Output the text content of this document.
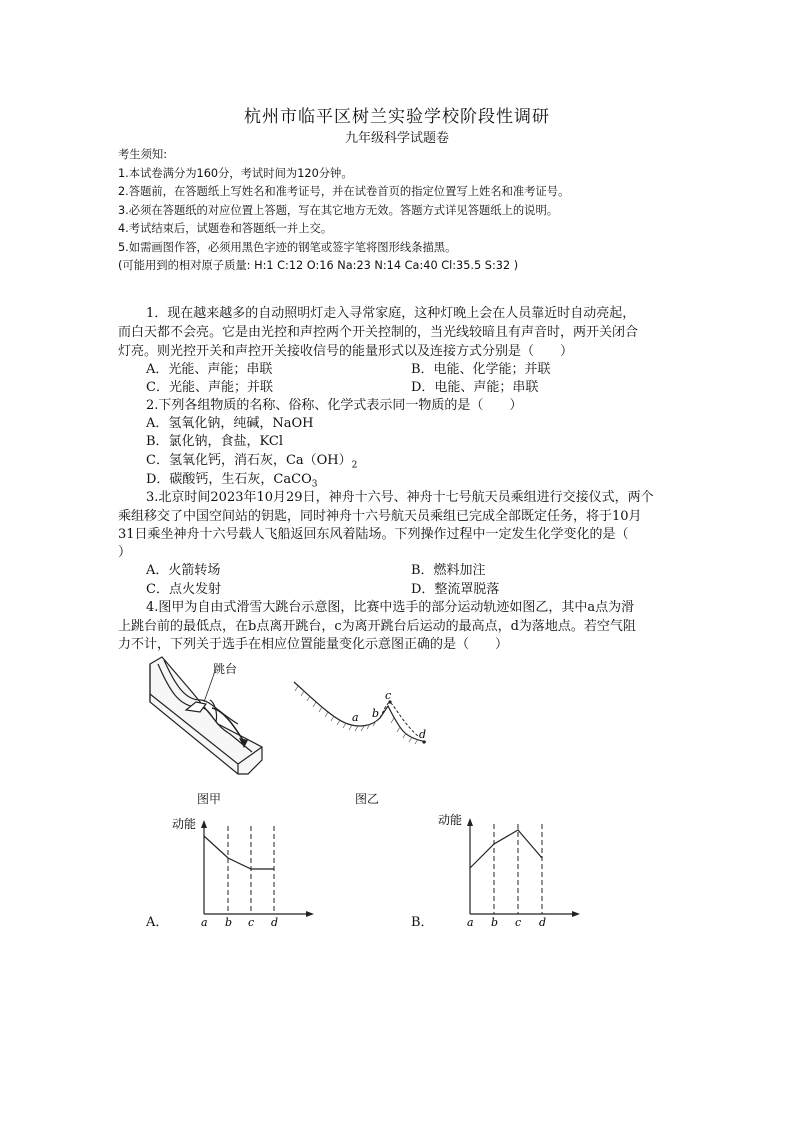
杭州市临平区树兰实验学校阶段性调研
九年级科学试题卷
考生须知:
1.本试卷满分为160分，考试时间为120分钟。
2.答题前，在答题纸上写姓名和准考证号，并在试卷首页的指定位置写上姓名和准考证号。
3.必须在答题纸的对应位置上答题，写在其它地方无效。答题方式详见答题纸上的说明。
4.考试结束后，试题卷和答题纸一并上交。
5.如需画图作答，必须用黑色字迹的钢笔或签字笔将图形线条描黑。
(可能用到的相对原子质量: H:1 C:12 O:16 Na:23 N:14 Ca:40 Cl:35.5 S:32 )
1．现在越来越多的自动照明灯走入寻常家庭，这种灯晚上会在人员靠近时自动亮起，
而白天都不会亮。它是由光控和声控两个开关控制的，当光线较暗且有声音时，两开关闭合
灯亮。则光控开关和声控开关接收信号的能量形式以及连接方式分别是（　　）
A．光能、声能；串联	B．电能、化学能；并联
C．光能、声能；并联	D．电能、声能；串联
2.下列各组物质的名称、俗称、化学式表示同一物质的是（　　）
A．氢氧化钠，纯碱，NaOH
B．氯化钠，食盐，KCl
C．氢氧化钙，消石灰，$Ca(OH)_2$
D．碳酸钙，生石灰，CaCO$_3$
3.北京时间2023年10月29日，神舟十六号、神舟十七号航天员乘组进行交接仪式，两个
乘组移交了中国空间站的钥匙，同时神舟十六号航天员乘组已完成全部既定任务，将于10月
31日乘坐神舟十六号载人飞船返回东风着陆场。下列操作过程中一定发生化学变化的是（
）
A．火箭转场	B．燃料加注
C．点火发射	D．整流罩脱落
4.图甲为自由式滑雪大跳台示意图，比赛中选手的部分运动轨迹如图乙，其中a点为滑
上跳台前的最低点，在b点离开跳台，c为离开跳台后运动的最高点，d为落地点。若空气阻
力不计，下列关于选手在相应位置能量变化示意图正确的是（　　）
跳台
a b
c
d
图甲	图乙
动能
a b c d
A．
动能
a b c d
B．
